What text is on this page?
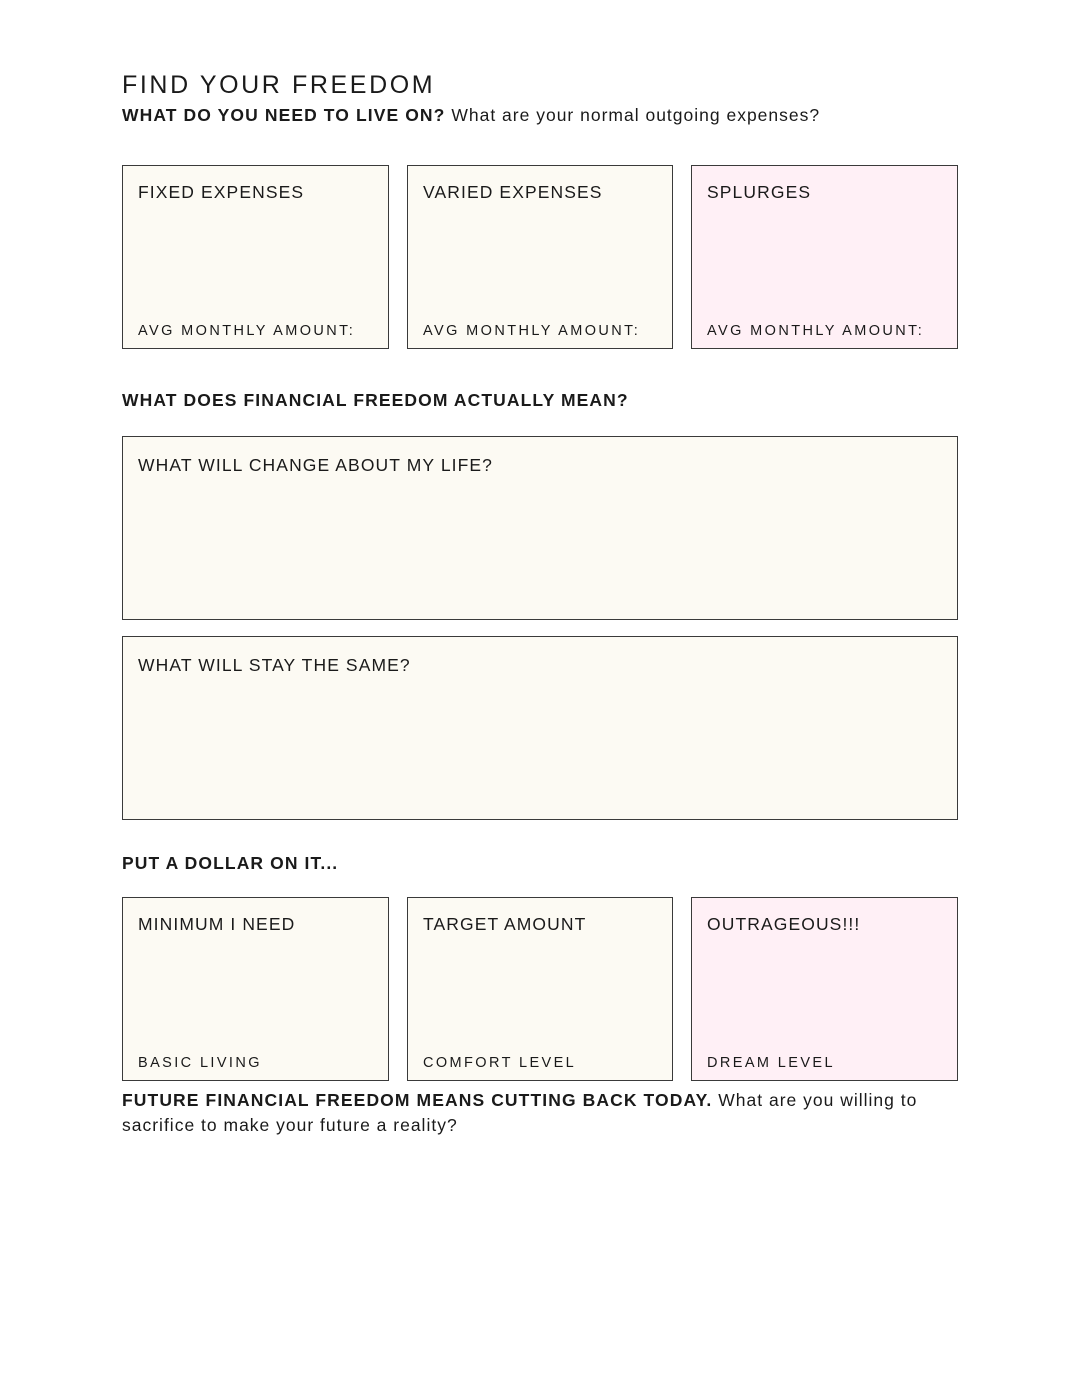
FIND YOUR FREEDOM
WHAT DO YOU NEED TO LIVE ON? What are your normal outgoing expenses?
FIXED EXPENSES
AVG MONTHLY AMOUNT:
VARIED EXPENSES
AVG MONTHLY AMOUNT:
SPLURGES
AVG MONTHLY AMOUNT:
WHAT DOES FINANCIAL FREEDOM ACTUALLY MEAN?
WHAT WILL CHANGE ABOUT MY LIFE?
WHAT WILL STAY THE SAME?
PUT A DOLLAR ON IT...
MINIMUM I NEED
BASIC LIVING
TARGET AMOUNT
COMFORT LEVEL
OUTRAGEOUS!!!
DREAM LEVEL
FUTURE FINANCIAL FREEDOM MEANS CUTTING BACK TODAY. What are you willing to sacrifice to make your future a reality?
